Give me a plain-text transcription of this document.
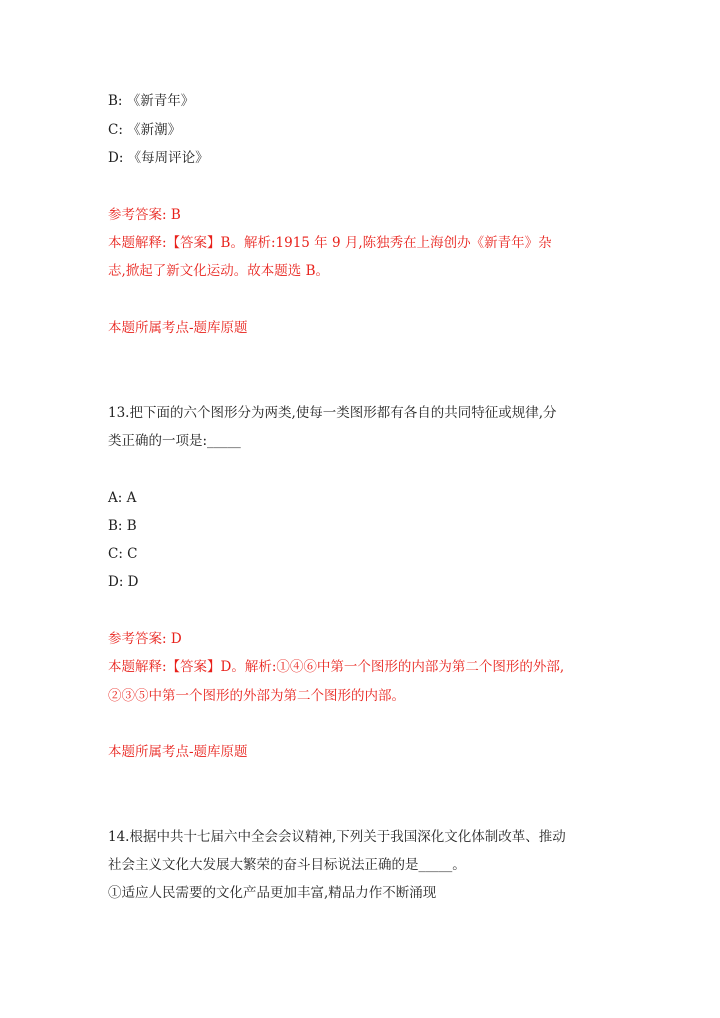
B: 《新青年》
C: 《新潮》
D: 《每周评论》
参考答案: B
本题解释:【答案】B。解析:1915 年 9 月,陈独秀在上海创办《新青年》杂
志,掀起了新文化运动。故本题选 B。
本题所属考点-题库原题
13.把下面的六个图形分为两类,使每一类图形都有各自的共同特征或规律,分
类正确的一项是:_____
A: A
B: B
C: C
D: D
参考答案: D
本题解释:【答案】D。解析:①④⑥中第一个图形的内部为第二个图形的外部,
②③⑤中第一个图形的外部为第二个图形的内部。
本题所属考点-题库原题
14.根据中共十七届六中全会会议精神,下列关于我国深化文化体制改革、推动
社会主义文化大发展大繁荣的奋斗目标说法正确的是_____。
①适应人民需要的文化产品更加丰富,精品力作不断涌现
